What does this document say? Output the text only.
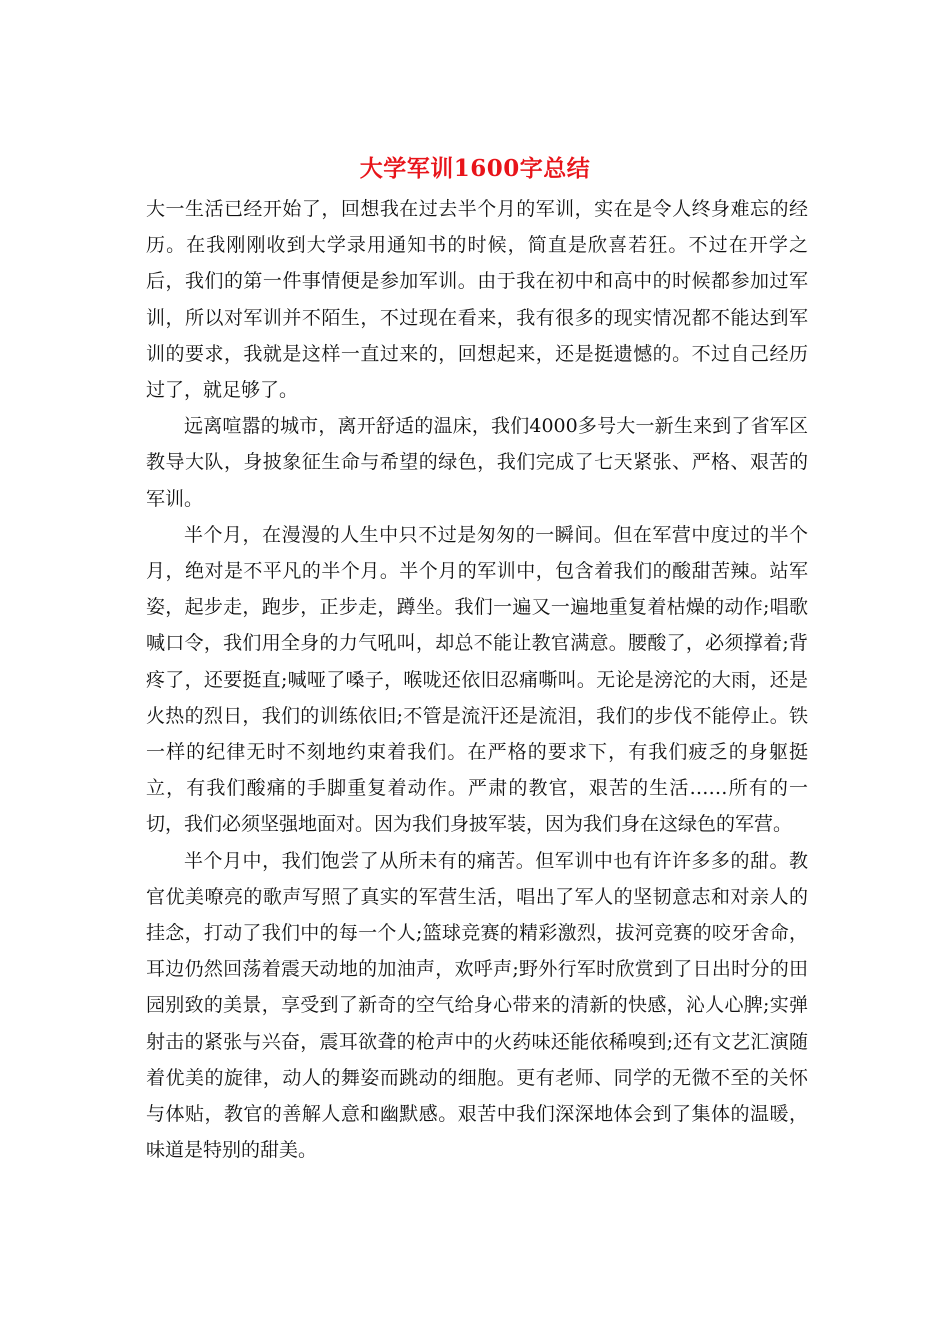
大学军训1600字总结

大一生活已经开始了，回想我在过去半个月的军训，实在是令人终身难忘的经历。在我刚刚收到大学录用通知书的时候，简直是欣喜若狂。不过在开学之后，我们的第一件事情便是参加军训。由于我在初中和高中的时候都参加过军训，所以对军训并不陌生，不过现在看来，我有很多的现实情况都不能达到军训的要求，我就是这样一直过来的，回想起来，还是挺遗憾的。不过自己经历过了，就足够了。

远离喧嚣的城市，离开舒适的温床，我们4000多号大一新生来到了省军区教导大队，身披象征生命与希望的绿色，我们完成了七天紧张、严格、艰苦的军训。

半个月，在漫漫的人生中只不过是匆匆的一瞬间。但在军营中度过的半个月，绝对是不平凡的半个月。半个月的军训中，包含着我们的酸甜苦辣。站军姿，起步走，跑步，正步走，蹲坐。我们一遍又一遍地重复着枯燥的动作;唱歌喊口令，我们用全身的力气吼叫，却总不能让教官满意。腰酸了，必须撑着;背疼了，还要挺直;喊哑了嗓子，喉咙还依旧忍痛嘶叫。无论是滂沱的大雨，还是火热的烈日，我们的训练依旧;不管是流汗还是流泪，我们的步伐不能停止。铁一样的纪律无时不刻地约束着我们。在严格的要求下，有我们疲乏的身躯挺立，有我们酸痛的手脚重复着动作。严肃的教官，艰苦的生活……所有的一切，我们必须坚强地面对。因为我们身披军装，因为我们身在这绿色的军营。

半个月中，我们饱尝了从所未有的痛苦。但军训中也有许许多多的甜。教官优美嘹亮的歌声写照了真实的军营生活，唱出了军人的坚韧意志和对亲人的挂念，打动了我们中的每一个人;篮球竞赛的精彩激烈，拔河竞赛的咬牙舍命，耳边仍然回荡着震天动地的加油声，欢呼声;野外行军时欣赏到了日出时分的田园别致的美景，享受到了新奇的空气给身心带来的清新的快感，沁人心脾;实弹射击的紧张与兴奋，震耳欲聋的枪声中的火药味还能依稀嗅到;还有文艺汇演随着优美的旋律，动人的舞姿而跳动的细胞。更有老师、同学的无微不至的关怀与体贴，教官的善解人意和幽默感。艰苦中我们深深地体会到了集体的温暖，味道是特别的甜美。
